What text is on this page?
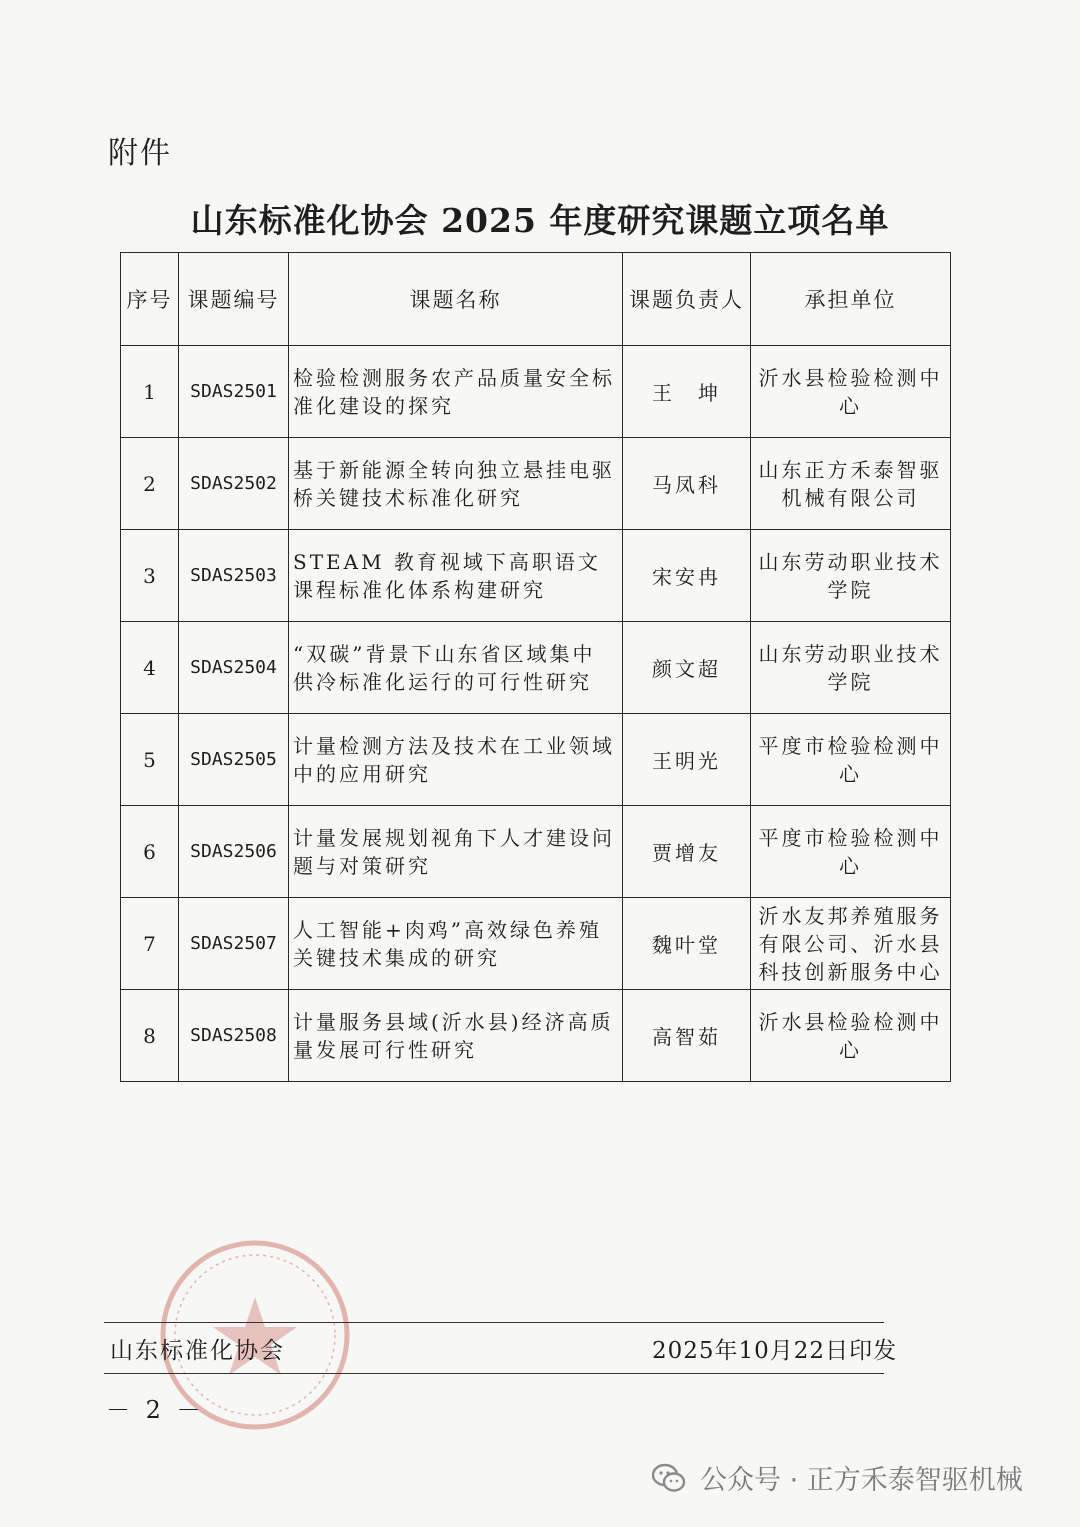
附件
山东标准化协会 2025 年度研究课题立项名单
序号	课题编号	课题名称	课题负责人	承担单位
1	SDAS2501	检验检测服务农产品质量安全标准化建设的探究	王　坤	沂水县检验检测中心
2	SDAS2502	基于新能源全转向独立悬挂电驱桥关键技术标准化研究	马凤科	山东正方禾泰智驱机械有限公司
3	SDAS2503	STEAM 教育视域下高职语文课程标准化体系构建研究	宋安冉	山东劳动职业技术学院
4	SDAS2504	“双碳”背景下山东省区域集中供冷标准化运行的可行性研究	颜文超	山东劳动职业技术学院
5	SDAS2505	计量检测方法及技术在工业领域中的应用研究	王明光	平度市检验检测中心
6	SDAS2506	计量发展规划视角下人才建设问题与对策研究	贾增友	平度市检验检测中心
7	SDAS2507	人工智能+肉鸡”高效绿色养殖关键技术集成的研究	魏叶堂	沂水友邦养殖服务有限公司、沂水县科技创新服务中心
8	SDAS2508	计量服务县域(沂水县)经济高质量发展可行性研究	高智茹	沂水县检验检测中心
山东标准化协会	2025年10月22日印发
－ 2 －
公众号 · 正方禾泰智驱机械
